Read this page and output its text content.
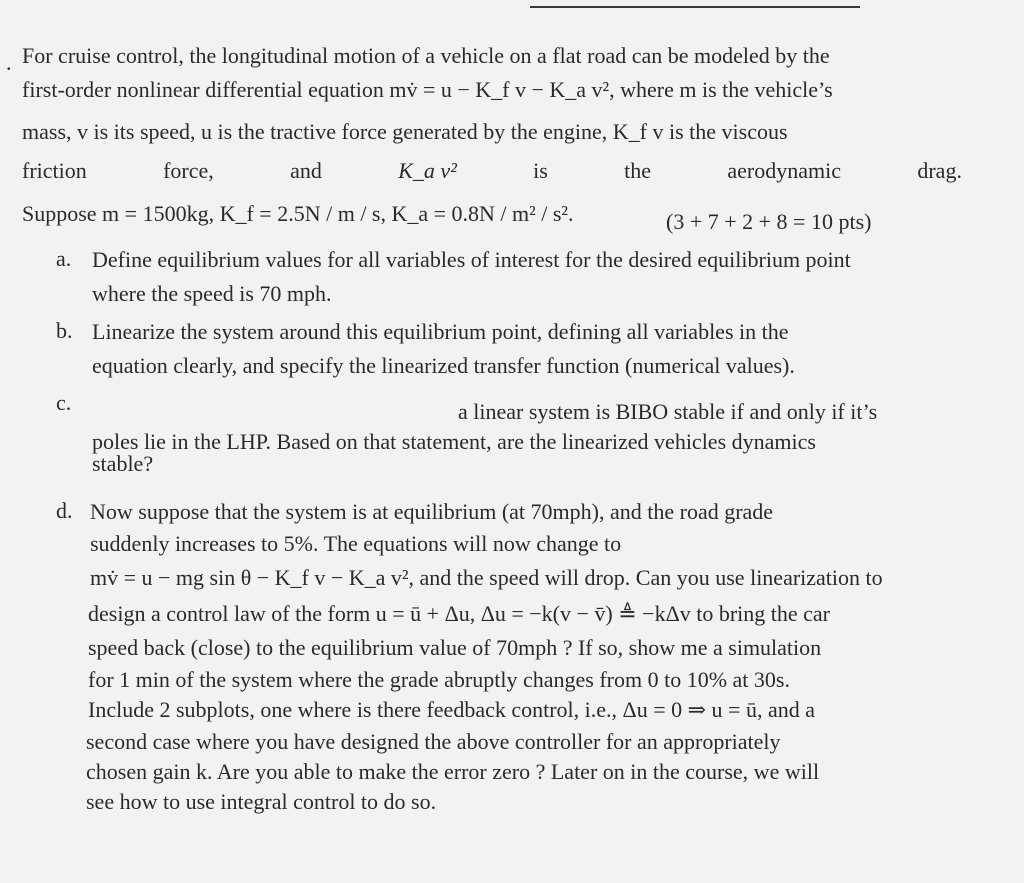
. For cruise control, the longitudinal motion of a vehicle on a flat road can be modeled by the
first-order nonlinear differential equation mv̇ = u − K_f v − K_a v², where m is the vehicle’s
mass, v is its speed, u is the tractive force generated by the engine, K_f v is the viscous
friction	force,	and	K_a v²	is	the	aerodynamic	drag.
Suppose m = 1500kg, K_f = 2.5N / m / s, K_a = 0.8N / m² / s².	(3 + 7 + 2 + 8 = 10 pts)
a. Define equilibrium values for all variables of interest for the desired equilibrium point
where the speed is 70 mph.
b. Linearize the system around this equilibrium point, defining all variables in the
equation clearly, and specify the linearized transfer function (numerical values).
c.	a linear system is BIBO stable if and only if it’s
poles lie in the LHP. Based on that statement, are the linearized vehicles dynamics
stable?
d. Now suppose that the system is at equilibrium (at 70mph), and the road grade
suddenly increases to 5%. The equations will now change to
mv̇ = u − mg sin θ − K_f v − K_a v², and the speed will drop. Can you use linearization to
design a control law of the form u = ū + Δu, Δu = −k(v − v̄) ≜ −kΔv to bring the car
speed back (close) to the equilibrium value of 70mph ? If so, show me a simulation
for 1 min of the system where the grade abruptly changes from 0 to 10% at 30s.
Include 2 subplots, one where is there feedback control, i.e., Δu = 0 ⇒ u = ū, and a
second case where you have designed the above controller for an appropriately
chosen gain k. Are you able to make the error zero ? Later on in the course, we will
see how to use integral control to do so.
